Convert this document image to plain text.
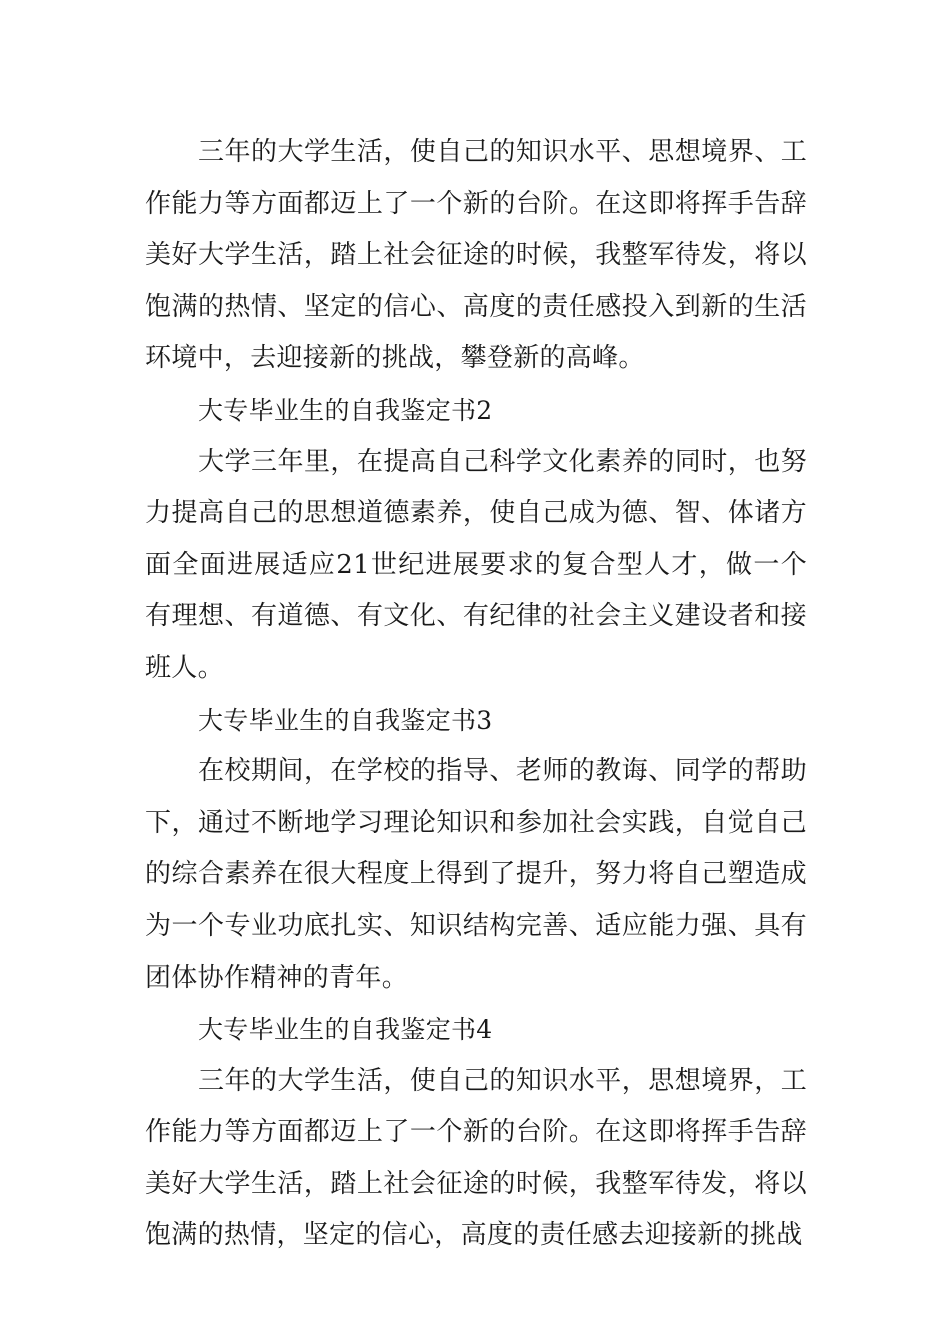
三年的大学生活，使自己的知识水平、思想境界、工作能力等方面都迈上了一个新的台阶。在这即将挥手告辞美好大学生活，踏上社会征途的时候，我整军待发，将以饱满的热情、坚定的信心、高度的责任感投入到新的生活环境中，去迎接新的挑战，攀登新的高峰。

大专毕业生的自我鉴定书2

大学三年里，在提高自己科学文化素养的同时，也努力提高自己的思想道德素养，使自己成为德、智、体诸方面全面进展适应21世纪进展要求的复合型人才，做一个有理想、有道德、有文化、有纪律的社会主义建设者和接班人。

大专毕业生的自我鉴定书3

在校期间，在学校的指导、老师的教诲、同学的帮助下，通过不断地学习理论知识和参加社会实践，自觉自己的综合素养在很大程度上得到了提升，努力将自己塑造成为一个专业功底扎实、知识结构完善、适应能力强、具有团体协作精神的青年。

大专毕业生的自我鉴定书4

三年的大学生活，使自己的知识水平，思想境界，工作能力等方面都迈上了一个新的台阶。在这即将挥手告辞美好大学生活，踏上社会征途的时候，我整军待发，将以饱满的热情，坚定的信心，高度的责任感去迎接新的挑战
